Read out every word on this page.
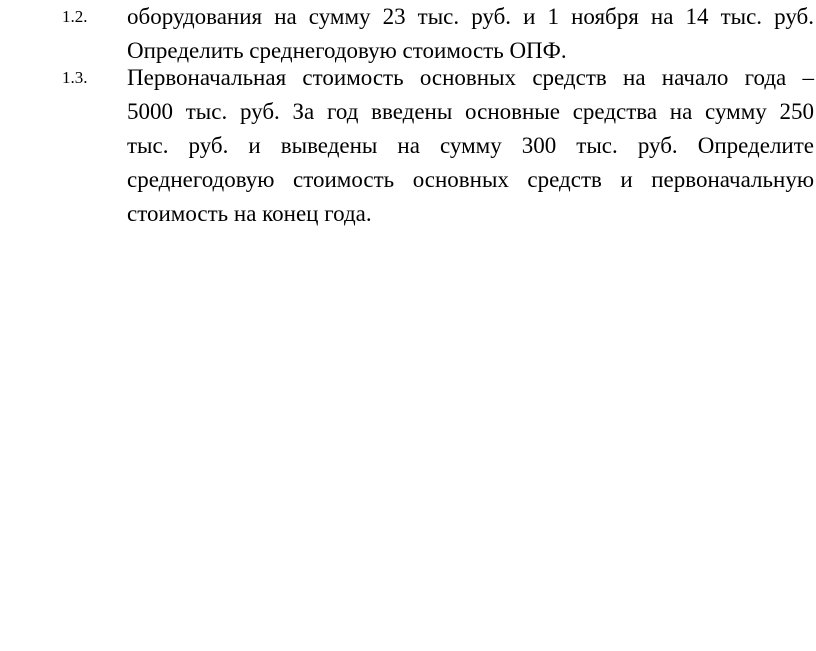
1.2. оборудования на сумму 23 тыс. руб. и 1 ноября на 14 тыс. руб.
Определить среднегодовую стоимость ОПФ.
1.3. Первоначальная стоимость основных средств на начало года –
5000 тыс. руб. За год введены основные средства на сумму 250
тыс. руб. и выведены на сумму 300 тыс. руб. Определите
среднегодовую стоимость основных средств и первоначальную
стоимость на конец года.
